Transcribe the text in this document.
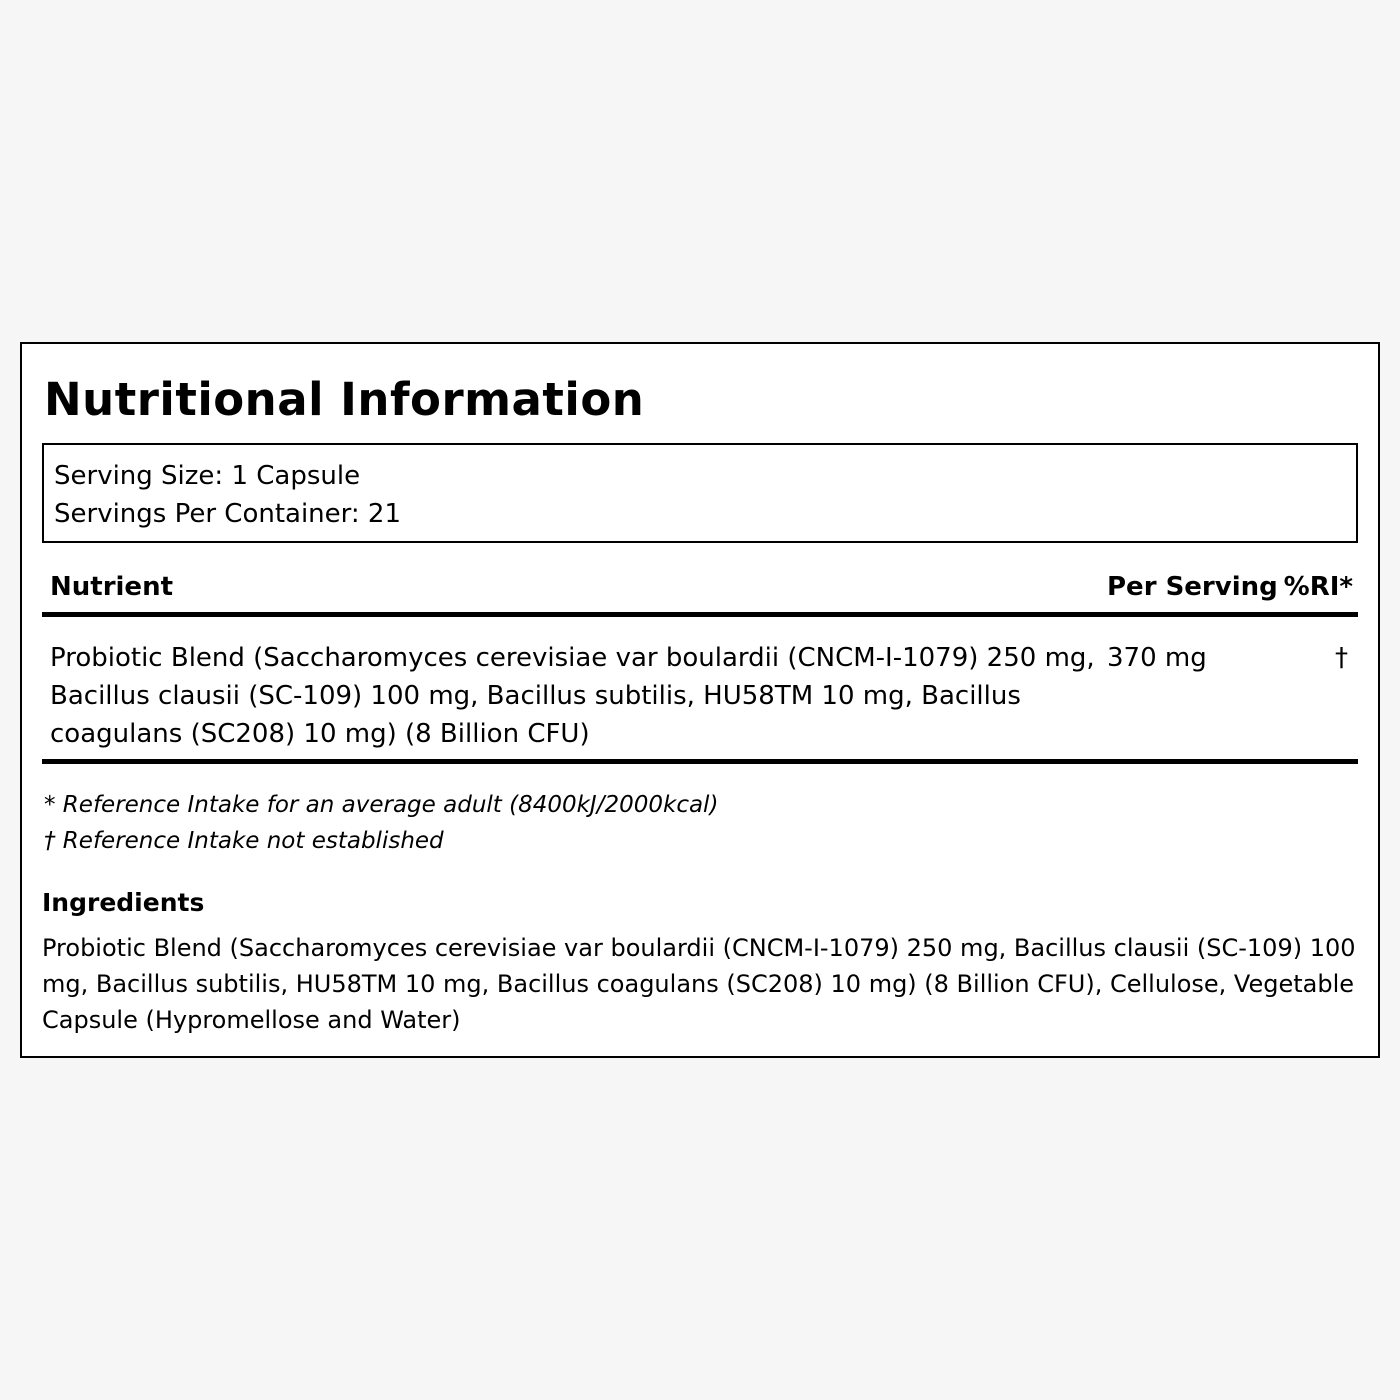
Nutritional Information
Serving Size: 1 Capsule
Servings Per Container: 21
Nutrient	Per Serving %RI*
Probiotic Blend (Saccharomyces cerevisiae var boulardii (CNCM-I-1079) 250 mg, Bacillus clausii (SC-109) 100 mg, Bacillus subtilis, HU58TM 10 mg, Bacillus coagulans (SC208) 10 mg) (8 Billion CFU)
370 mg	†
* Reference Intake for an average adult (8400kJ/2000kcal)
† Reference Intake not established
Ingredients
Probiotic Blend (Saccharomyces cerevisiae var boulardii (CNCM-I-1079) 250 mg, Bacillus clausii (SC-109) 100 mg, Bacillus subtilis, HU58TM 10 mg, Bacillus coagulans (SC208) 10 mg) (8 Billion CFU), Cellulose, Vegetable Capsule (Hypromellose and Water)
